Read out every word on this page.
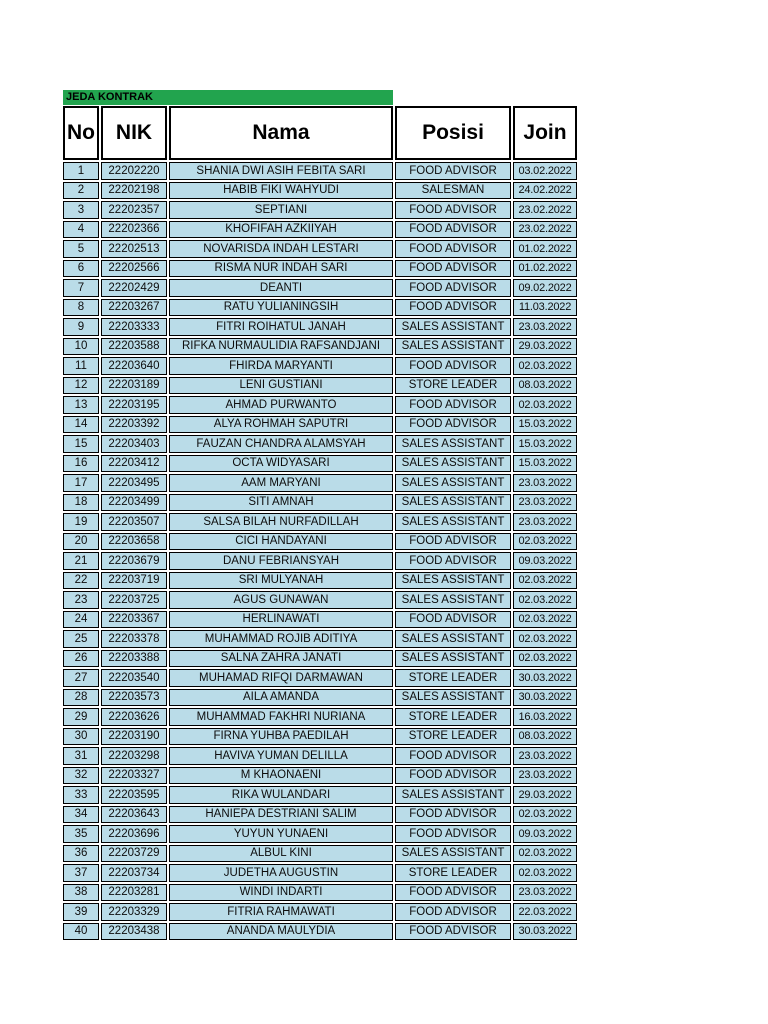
JEDA KONTRAK
No	NIK	Nama	Posisi	Join
1	22202220	SHANIA DWI ASIH FEBITA SARI	FOOD ADVISOR	03.02.2022
2	22202198	HABIB FIKI WAHYUDI	SALESMAN	24.02.2022
3	22202357	SEPTIANI	FOOD ADVISOR	23.02.2022
4	22202366	KHOFIFAH AZKIIYAH	FOOD ADVISOR	23.02.2022
5	22202513	NOVARISDA INDAH LESTARI	FOOD ADVISOR	01.02.2022
6	22202566	RISMA NUR INDAH SARI	FOOD ADVISOR	01.02.2022
7	22202429	DEANTI	FOOD ADVISOR	09.02.2022
8	22203267	RATU YULIANINGSIH	FOOD ADVISOR	11.03.2022
9	22203333	FITRI ROIHATUL JANAH	SALES ASSISTANT	23.03.2022
10	22203588	RIFKA NURMAULIDIA RAFSANDJANI	SALES ASSISTANT	29.03.2022
11	22203640	FHIRDA MARYANTI	FOOD ADVISOR	02.03.2022
12	22203189	LENI GUSTIANI	STORE LEADER	08.03.2022
13	22203195	AHMAD PURWANTO	FOOD ADVISOR	02.03.2022
14	22203392	ALYA ROHMAH SAPUTRI	FOOD ADVISOR	15.03.2022
15	22203403	FAUZAN CHANDRA ALAMSYAH	SALES ASSISTANT	15.03.2022
16	22203412	OCTA WIDYASARI	SALES ASSISTANT	15.03.2022
17	22203495	AAM MARYANI	SALES ASSISTANT	23.03.2022
18	22203499	SITI AMNAH	SALES ASSISTANT	23.03.2022
19	22203507	SALSA BILAH NURFADILLAH	SALES ASSISTANT	23.03.2022
20	22203658	CICI HANDAYANI	FOOD ADVISOR	02.03.2022
21	22203679	DANU FEBRIANSYAH	FOOD ADVISOR	09.03.2022
22	22203719	SRI MULYANAH	SALES ASSISTANT	02.03.2022
23	22203725	AGUS GUNAWAN	SALES ASSISTANT	02.03.2022
24	22203367	HERLINAWATI	FOOD ADVISOR	02.03.2022
25	22203378	MUHAMMAD ROJIB ADITIYA	SALES ASSISTANT	02.03.2022
26	22203388	SALNA ZAHRA JANATI	SALES ASSISTANT	02.03.2022
27	22203540	MUHAMAD RIFQI DARMAWAN	STORE LEADER	30.03.2022
28	22203573	AILA AMANDA	SALES ASSISTANT	30.03.2022
29	22203626	MUHAMMAD FAKHRI NURIANA	STORE LEADER	16.03.2022
30	22203190	FIRNA YUHBA PAEDILAH	STORE LEADER	08.03.2022
31	22203298	HAVIVA YUMAN DELILLA	FOOD ADVISOR	23.03.2022
32	22203327	M KHAONAENI	FOOD ADVISOR	23.03.2022
33	22203595	RIKA WULANDARI	SALES ASSISTANT	29.03.2022
34	22203643	HANIEPA DESTRIANI SALIM	FOOD ADVISOR	02.03.2022
35	22203696	YUYUN YUNAENI	FOOD ADVISOR	09.03.2022
36	22203729	ALBUL KINI	SALES ASSISTANT	02.03.2022
37	22203734	JUDETHA AUGUSTIN	STORE LEADER	02.03.2022
38	22203281	WINDI INDARTI	FOOD ADVISOR	23.03.2022
39	22203329	FITRIA RAHMAWATI	FOOD ADVISOR	22.03.2022
40	22203438	ANANDA MAULYDIA	FOOD ADVISOR	30.03.2022
